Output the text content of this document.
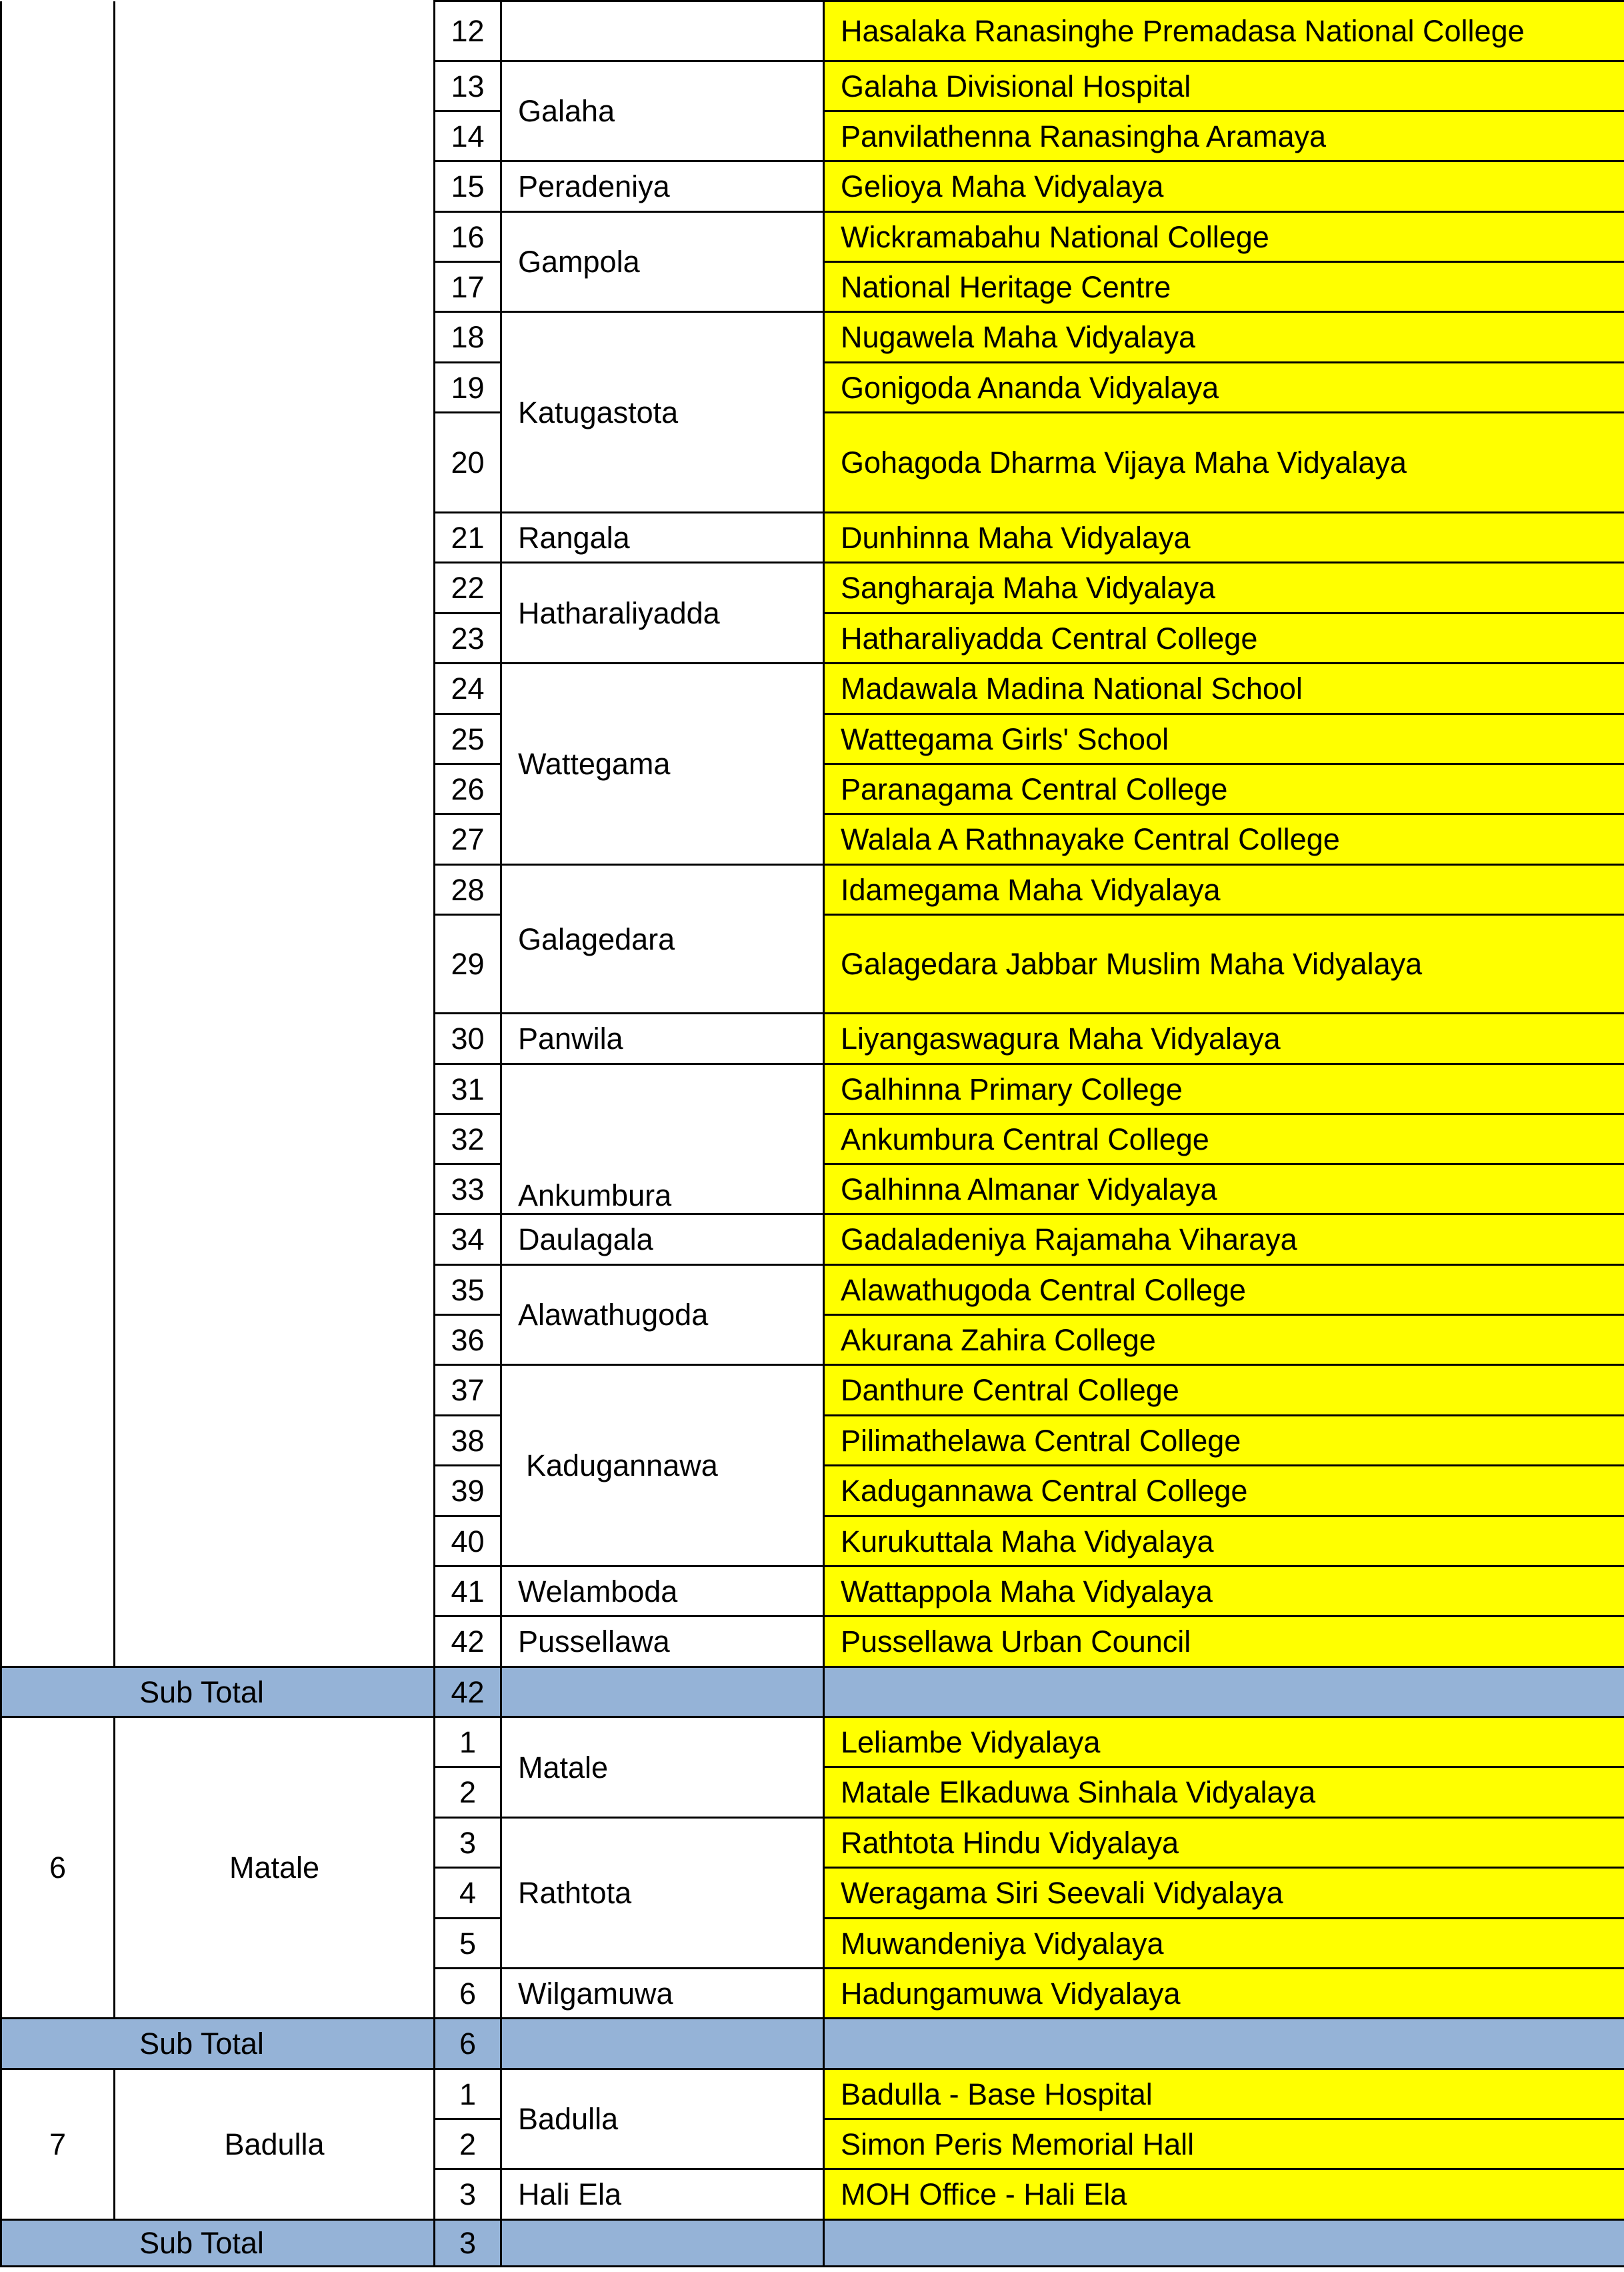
		12		Hasalaka Ranasinghe Premadasa National College
		13	Galaha	Galaha Divisional Hospital
		14		Panvilathenna Ranasingha Aramaya
		15	Peradeniya	Gelioya Maha Vidyalaya
		16	Gampola	Wickramabahu National College
		17		National Heritage Centre
		18	Katugastota	Nugawela Maha Vidyalaya
		19		Gonigoda Ananda Vidyalaya
		20		Gohagoda Dharma Vijaya Maha Vidyalaya
		21	Rangala	Dunhinna Maha Vidyalaya
		22	Hatharaliyadda	Sangharaja Maha Vidyalaya
		23		Hatharaliyadda Central College
		24	Wattegama	Madawala Madina National School
		25		Wattegama Girls' School
		26		Paranagama Central College
		27		Walala A Rathnayake Central College
		28	Galagedara	Idamegama Maha Vidyalaya
		29		Galagedara Jabbar Muslim Maha Vidyalaya
		30	Panwila	Liyangaswagura Maha Vidyalaya
		31	Ankumbura	Galhinna Primary College
		32		Ankumbura Central College
		33		Galhinna Almanar Vidyalaya
		34	Daulagala	Gadaladeniya Rajamaha Viharaya
		35	Alawathugoda	Alawathugoda Central College
		36		Akurana Zahira College
		37	Kadugannawa	Danthure Central College
		38		Pilimathelawa Central College
		39		Kadugannawa Central College
		40		Kurukuttala Maha Vidyalaya
		41	Welamboda	Wattappola Maha Vidyalaya
		42	Pussellawa	Pussellawa Urban Council
Sub Total		42		
6	Matale	1	Matale	Leliambe Vidyalaya
		2		Matale Elkaduwa Sinhala Vidyalaya
		3	Rathtota	Rathtota Hindu Vidyalaya
		4		Weragama Siri Seevali Vidyalaya
		5		Muwandeniya Vidyalaya
		6	Wilgamuwa	Hadungamuwa Vidyalaya
Sub Total		6		
7	Badulla	1	Badulla	Badulla - Base Hospital
		2		Simon Peris Memorial Hall
		3	Hali Ela	MOH Office - Hali Ela
Sub Total		3		
